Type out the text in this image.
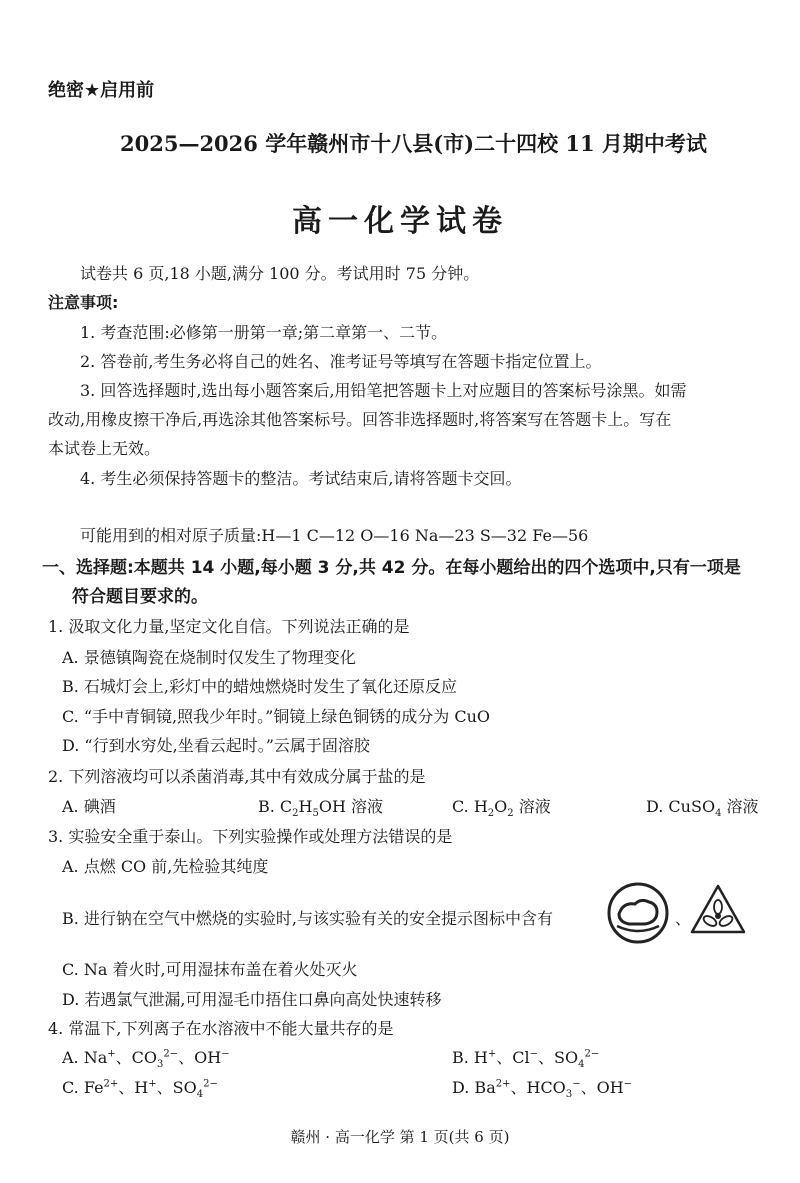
绝密★启用前
2025—2026 学年赣州市十八县(市)二十四校 11 月期中考试
高一化学试卷
试卷共 6 页,18 小题,满分 100 分。考试用时 75 分钟。
注意事项:
1. 考查范围:必修第一册第一章;第二章第一、二节。
2. 答卷前,考生务必将自己的姓名、准考证号等填写在答题卡指定位置上。
3. 回答选择题时,选出每小题答案后,用铅笔把答题卡上对应题目的答案标号涂黑。如需
改动,用橡皮擦干净后,再选涂其他答案标号。回答非选择题时,将答案写在答题卡上。写在
本试卷上无效。
4. 考生必须保持答题卡的整洁。考试结束后,请将答题卡交回。
可能用到的相对原子质量:H—1 C—12 O—16 Na—23 S—32 Fe—56
一、选择题:本题共 14 小题,每小题 3 分,共 42 分。在每小题给出的四个选项中,只有一项是
符合题目要求的。
1. 汲取文化力量,坚定文化自信。下列说法正确的是
A. 景德镇陶瓷在烧制时仅发生了物理变化
B. 石城灯会上,彩灯中的蜡烛燃烧时发生了氧化还原反应
C. “手中青铜镜,照我少年时。”铜镜上绿色铜锈的成分为 CuO
D. “行到水穷处,坐看云起时。”云属于固溶胶
2. 下列溶液均可以杀菌消毒,其中有效成分属于盐的是
A. 碘酒	B. $C_2H_5OH$ 溶液	C. $H_2O_2$ 溶液	D. CuSO$_4$ 溶液
3. 实验安全重于泰山。下列实验操作或处理方法错误的是
A. 点燃 CO 前,先检验其纯度
B. 进行钠在空气中燃烧的实验时,与该实验有关的安全提示图标中含有	、
C. Na 着火时,可用湿抹布盖在着火处灭火
D. 若遇氯气泄漏,可用湿毛巾捂住口鼻向高处快速转移
4. 常温下,下列离子在水溶液中不能大量共存的是
A. Na+、$CO_3^{2-}$、OH−	B. H+、Cl−、$SO_4^{2-}$
C. $Fe^{2+}$、H+、$SO_4^{2-}$	D. $Ba^{2+}$、$HCO_3^-$、OH−
赣州 · 高一化学 第 1 页(共 6 页)
